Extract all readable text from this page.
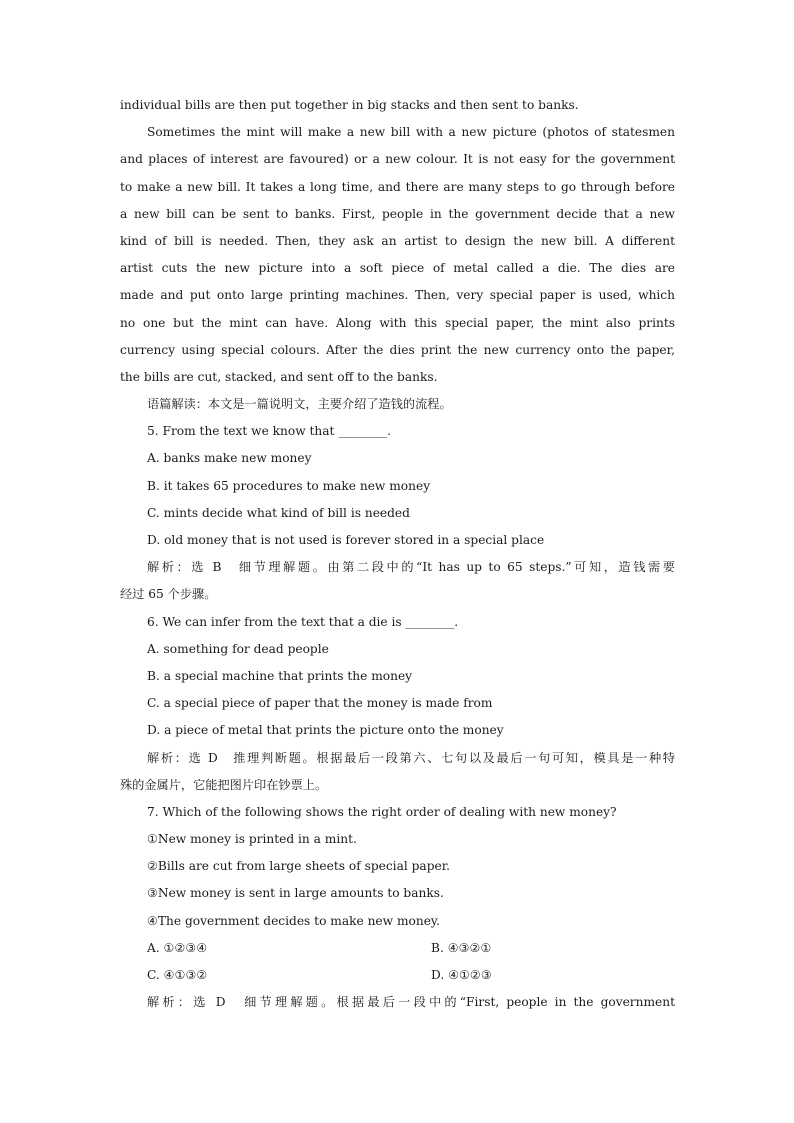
individual bills are then put together in big stacks and then sent to banks.
Sometimes the mint will make a new bill with a new picture (photos of statesmen
and places of interest are favoured) or a new colour. It is not easy for the government
to make a new bill. It takes a long time, and there are many steps to go through before
a new bill can be sent to banks. First, people in the government decide that a new
kind of bill is needed. Then, they ask an artist to design the new bill. A different
artist cuts the new picture into a soft piece of metal called a die. The dies are
made and put onto large printing machines. Then, very special paper is used, which
no one but the mint can have. Along with this special paper, the mint also prints
currency using special colours. After the dies print the new currency onto the paper,
the bills are cut, stacked, and sent off to the banks.
语篇解读：本文是一篇说明文，主要介绍了造钱的流程。
5. From the text we know that ________.
A. banks make new money
B. it takes 65 procedures to make new money
C. mints decide what kind of bill is needed
D. old money that is not used is forever stored in a special place
解析：选 B　细节理解题。由第二段中的“It has up to 65 steps.”可知，造钱需要
经过 65 个步骤。
6. We can infer from the text that a die is ________.
A. something for dead people
B. a special machine that prints the money
C. a special piece of paper that the money is made from
D. a piece of metal that prints the picture onto the money
解析：选 D　推理判断题。根据最后一段第六、七句以及最后一句可知，模具是一种特
殊的金属片，它能把图片印在钞票上。
7. Which of the following shows the right order of dealing with new money?
①New money is printed in a mint.
②Bills are cut from large sheets of special paper.
③New money is sent in large amounts to banks.
④The government decides to make new money.
A. ①②③④	B. ④③②①
C. ④①③②	D. ④①②③
解析：选 D　细节理解题。根据最后一段中的“First, people in the government
